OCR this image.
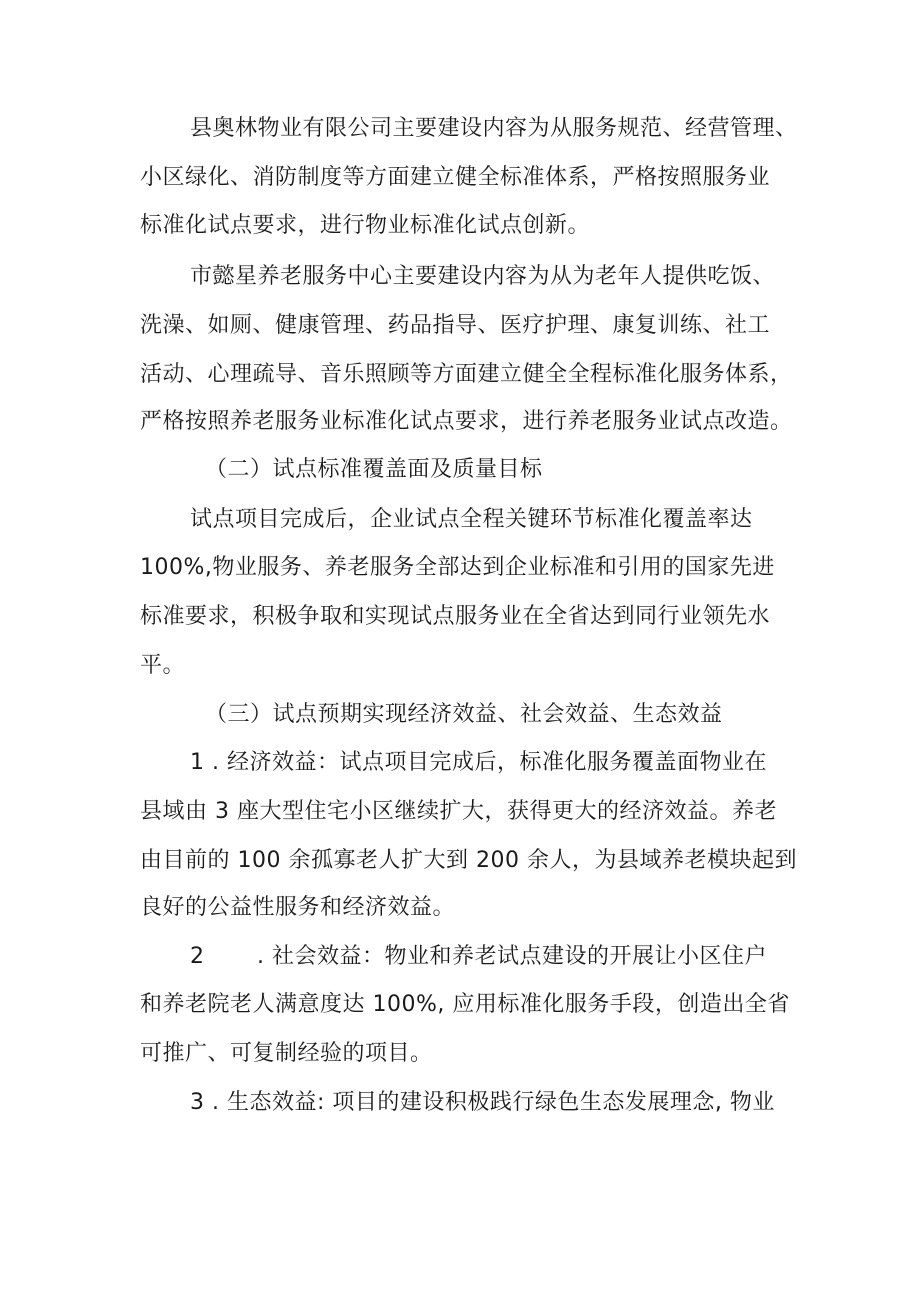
县奥林物业有限公司主要建设内容为从服务规范、经营管理、
小区绿化、消防制度等方面建立健全标准体系，严格按照服务业
标准化试点要求，进行物业标准化试点创新。
市懿星养老服务中心主要建设内容为从为老年人提供吃饭、
洗澡、如厕、健康管理、药品指导、医疗护理、康复训练、社工
活动、心理疏导、音乐照顾等方面建立健全全程标准化服务体系，
严格按照养老服务业标准化试点要求，进行养老服务业试点改造。
（二）试点标准覆盖面及质量目标
试点项目完成后，企业试点全程关键环节标准化覆盖率达
100%,物业服务、养老服务全部达到企业标准和引用的国家先进
标准要求，积极争取和实现试点服务业在全省达到同行业领先水
平。
（三）试点预期实现经济效益、社会效益、生态效益
1 . 经济效益：试点项目完成后，标准化服务覆盖面物业在
县域由 3 座大型住宅小区继续扩大，获得更大的经济效益。养老
由目前的 100 余孤寡老人扩大到 200 余人，为县域养老模块起到
良好的公益性服务和经济效益。
2 　　. 社会效益：物业和养老试点建设的开展让小区住户
和养老院老人满意度达 100%, 应用标准化服务手段，创造出全省
可推广、可复制经验的项目。
3 . 生态效益: 项目的建设积极践行绿色生态发展理念, 物业
